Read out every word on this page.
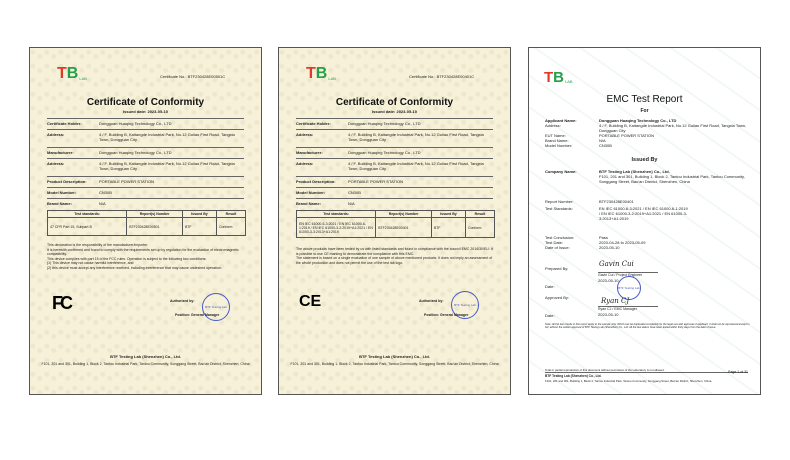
TB LAB	Certificate No.: BTF230428E00501C
Certificate of Conformity
Issued date: 2023-05-10
Certificate Holder:	Dongguan Huaqing Technology Co., LTD
Address:	4 / F, Building B, Kaitangde Industrial Park, No.12 Guliao First Road, Tangxia Town, Dongguan City
Manufacturer:	Dongguan Huaqing Technology Co., LTD
Address:	4 / F, Building B, Kaitangde Industrial Park, No.12 Guliao First Road, Tangxia Town, Dongguan City
Product Description:	PORTABLE POWER STATION
Model Number:	CN30B
Brand Name:	N/A
Test standards:	Report(s) Number	Issued By	Result
47 CFR Part 15, Subpart B	BTF230428E00501	BTF	Conform
This declaration is the responsibility of the manufacturer/importer.
It is herewith confirmed and found to comply with the requirements set up by regulation for the evaluation of electromagnetic compatibility.
This device complies with part 15 of the FCC rules. Operation is subject to the following two conditions:
(1) This device may not cause harmful interference, and
(2) this device must accept any interference received, including interference that may cause undesired operation.
FC	Authorized by:
BTF Testing Lab
Position: General Manager
BTF Testing Lab (Shenzhen) Co., Ltd.
F101, 201 and 301, Building 1, Block 2, Tantou Industrial Park, Tantou Community, Songgang Street, Bao'an District, Shenzhen, China
TB LAB	Certificate No.: BTF230428E00401C
Certificate of Conformity
Issued date: 2023-05-10
Certificate Holder:	Dongguan Huaqing Technology Co., LTD
Address:	4 / F, Building B, Kaitangde Industrial Park, No.12 Guliao First Road, Tangxia Town, Dongguan City
Manufacturer:	Dongguan Huaqing Technology Co., LTD
Address:	4 / F, Building B, Kaitangde Industrial Park, No.12 Guliao First Road, Tangxia Town, Dongguan City
Product Description:	PORTABLE POWER STATION
Model Number:	CN30B
Brand Name:	N/A
Test standards:	Report(s) Number	Issued By	Result
EN IEC 61000-6-3:2021 / EN IEC 61000-6-1:2019 / EN IEC 61000-3-2:2019+A1:2021 / EN 61000-3-3:2013+A1:2019	BTF230428E00401	BTF	Conform
The above products have been tested by us with listed standards and found in compliance with the council EMC 2014/30/EU. It is possible to use CE marking to demonstrate the compliance with this EMC.
The statement is based on a single evaluation of one sample of above mentioned products. It does not imply an assessment of the whole production and does not permit the use of the test lab logo.
CE	Authorized by:
BTF Testing Lab
Position: General Manager
BTF Testing Lab (Shenzhen) Co., Ltd.
F101, 201 and 301, Building 1, Block 2, Tantou Industrial Park, Tantou Community, Songgang Street, Bao'an District, Shenzhen, China
TB LAB
EMC Test Report
For
Applicant Name:	Dongguan Huaqing Technology Co., LTD
Address:	4 / F, Building B, Kaitangde Industrial Park, No.12 Guliao First Road, Tangxia Town, Dongguan City
EUT Name:	PORTABLE POWER STATION
Brand Name:	N/A
Model Number:	CN30B
Issued By
Company Name:	BTF Testing Lab (Shenzhen) Co., Ltd.
F101, 201 and 301, Building 1, Block 2, Tantou Industrial Park, Tantou Community, Songgang Street, Bao'an District, Shenzhen, China
Report Number:	BTF230428E00401
Test Standards:	EN IEC 61000-6-3:2021 / EN IEC 61000-6-1:2019 / EN IEC 61000-3-2:2019+A1:2021 / EN 61000-3-3:2013+A1:2019
Test Conclusion:	Pass
Test Date:	2023-04-28 to 2023-05-09
Date of Issue:	2023-05-10
Prepared By:
Gavin Cui
Gavin Cui / Project Engineer
Date:
2023-05-10
BTF Testing Lab
Approved By:	Ryan CJ
Ryan CJ / EMC Manager
Date:	2023-05-10
Note: All the test results in this report apply to the sample only. Which can be duplicated completely for the legal use with approval of applicant; it shall not be reproduced except in full, without the written approval of BTF Testing Lab (Shenzhen) Co., Ltd. All the test datum have been tested within thirty days from the date of issue.
Total or partial reproduction of this document without permission of the Laboratory is not allowed.
BTF Testing Lab (Shenzhen) Co., Ltd.
Page 1 of 31
F101, 201 and 301, Building 1, Block 2, Tantou Industrial Park, Tantou Community, Songgang Street, Bao'an District, Shenzhen, China.
